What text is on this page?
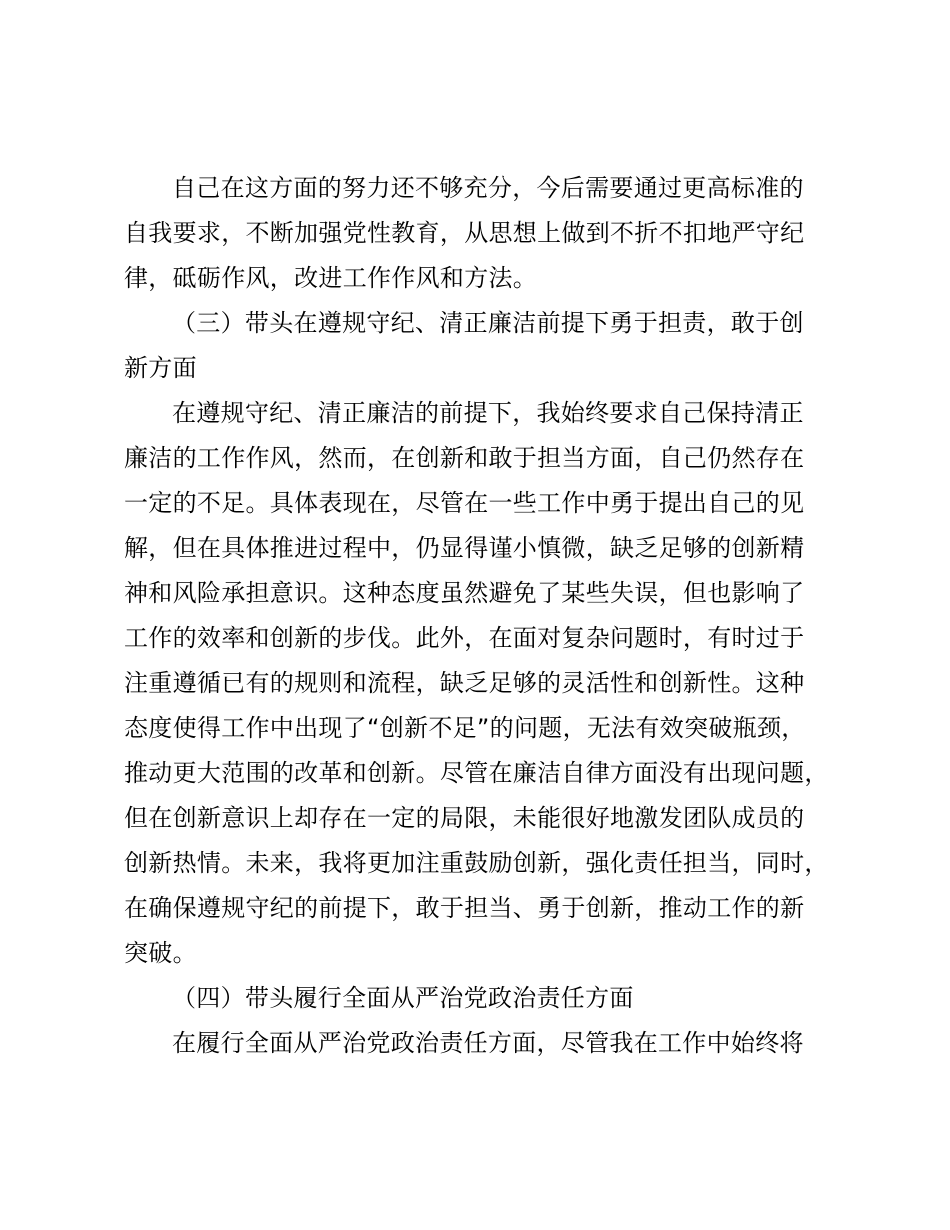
自己在这方面的努力还不够充分，今后需要通过更高标准的
自我要求，不断加强党性教育，从思想上做到不折不扣地严守纪
律，砥砺作风，改进工作作风和方法。
（三）带头在遵规守纪、清正廉洁前提下勇于担责，敢于创
新方面
在遵规守纪、清正廉洁的前提下，我始终要求自己保持清正
廉洁的工作作风，然而，在创新和敢于担当方面，自己仍然存在
一定的不足。具体表现在，尽管在一些工作中勇于提出自己的见
解，但在具体推进过程中，仍显得谨小慎微，缺乏足够的创新精
神和风险承担意识。这种态度虽然避免了某些失误，但也影响了
工作的效率和创新的步伐。此外，在面对复杂问题时，有时过于
注重遵循已有的规则和流程，缺乏足够的灵活性和创新性。这种
态度使得工作中出现了“创新不足”的问题，无法有效突破瓶颈，
推动更大范围的改革和创新。尽管在廉洁自律方面没有出现问题，
但在创新意识上却存在一定的局限，未能很好地激发团队成员的
创新热情。未来，我将更加注重鼓励创新，强化责任担当，同时，
在确保遵规守纪的前提下，敢于担当、勇于创新，推动工作的新
突破。
（四）带头履行全面从严治党政治责任方面
在履行全面从严治党政治责任方面，尽管我在工作中始终将
